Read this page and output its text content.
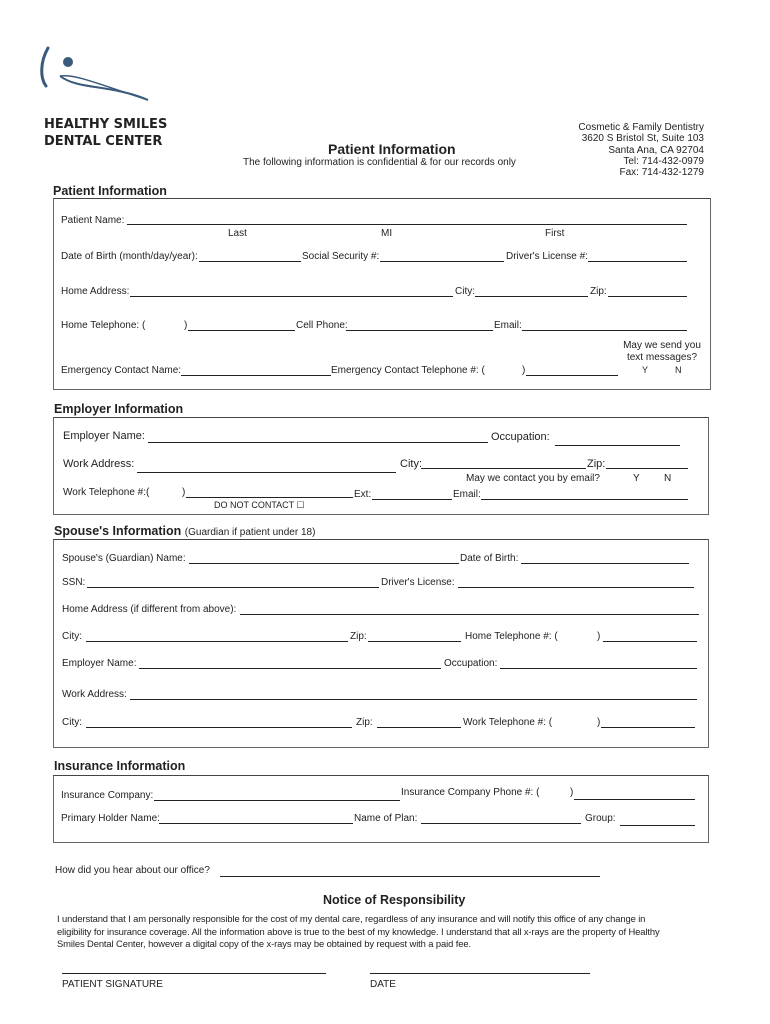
HEALTHY SMILES
DENTAL CENTER	Patient Information
The following information is confidential & for our records only
Cosmetic & Family Dentistry
3620 S Bristol St, Suite 103
Santa Ana, CA 92704
Tel: 714-432-0979
Fax: 714-432-1279
Patient Information
Patient Name:
Last	MI	First
Date of Birth (month/day/year):	Social Security #:	Driver's License #:
Home Address:	City:	Zip:
Home Telephone: (	)	Cell Phone:	Email:
May we send you
text messages?
Y	N
Emergency Contact Name:	Emergency Contact Telephone #: (	)
Employer Information
Employer Name:	Occupation:
Work Address:	City:	Zip:
May we contact you by email?	Y N
Work Telephone #:(	)	Ext:	Email:
DO NOT CONTACT ☐
Spouse's Information (Guardian if patient under 18)
Spouse's (Guardian) Name:	Date of Birth:
SSN:	Driver's License:
Home Address (if different from above):
City:	Zip:	Home Telephone #: (	)
Employer Name:	Occupation:
Work Address:
City:	Zip:	Work Telephone #: (	)
Insurance Information
Insurance Company:	Insurance Company Phone #: (	)
Primary Holder Name:	Name of Plan:	Group:
How did you hear about our office?
Notice of Responsibility
I understand that I am personally responsible for the cost of my dental care, regardless of any insurance and will notify this office of any change in
eligibility for insurance coverage. All the information above is true to the best of my knowledge. I understand that all x-rays are the property of Healthy
Smiles Dental Center, however a digital copy of the x-rays may be obtained by request with a paid fee.
PATIENT SIGNATURE	DATE
